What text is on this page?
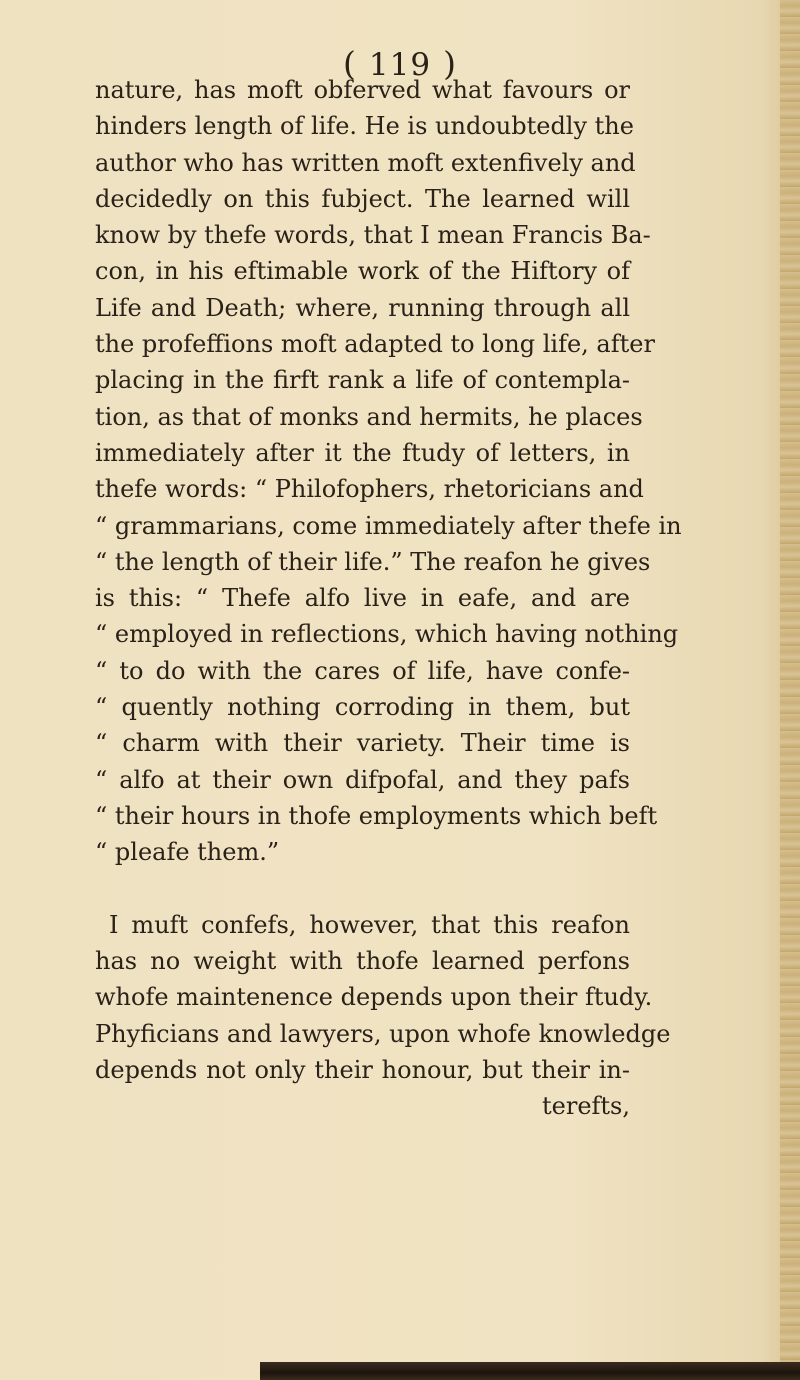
( 119 )
nature, has moft obferved what favours or
hinders length of life. He is undoubtedly the
author who has written moft extenfively and
decidedly on this fubject. The learned will
know by thefe words, that I mean Francis Ba-
con, in his eftimable work of the Hiftory of
Life and Death; where, running through all
the profeffions moft adapted to long life, after
placing in the firft rank a life of contempla-
tion, as that of monks and hermits, he places
immediately after it the ftudy of letters, in
thefe words: “ Philofophers, rhetoricians and
“ grammarians, come immediately after thefe in
“ the length of their life.” The reafon he gives
is this: “ Thefe alfo live in eafe, and are
“ employed in reflections, which having nothing
“ to do with the cares of life, have confe-
“ quently nothing corroding in them, but
“ charm with their variety. Their time is
“ alfo at their own difpofal, and they pafs
“ their hours in thofe employments which beft
“ pleafe them.”
I muft confefs, however, that this reafon
has no weight with thofe learned perfons
whofe maintenence depends upon their ftudy.
Phyficians and lawyers, upon whofe knowledge
depends not only their honour, but their in-
terefts,
